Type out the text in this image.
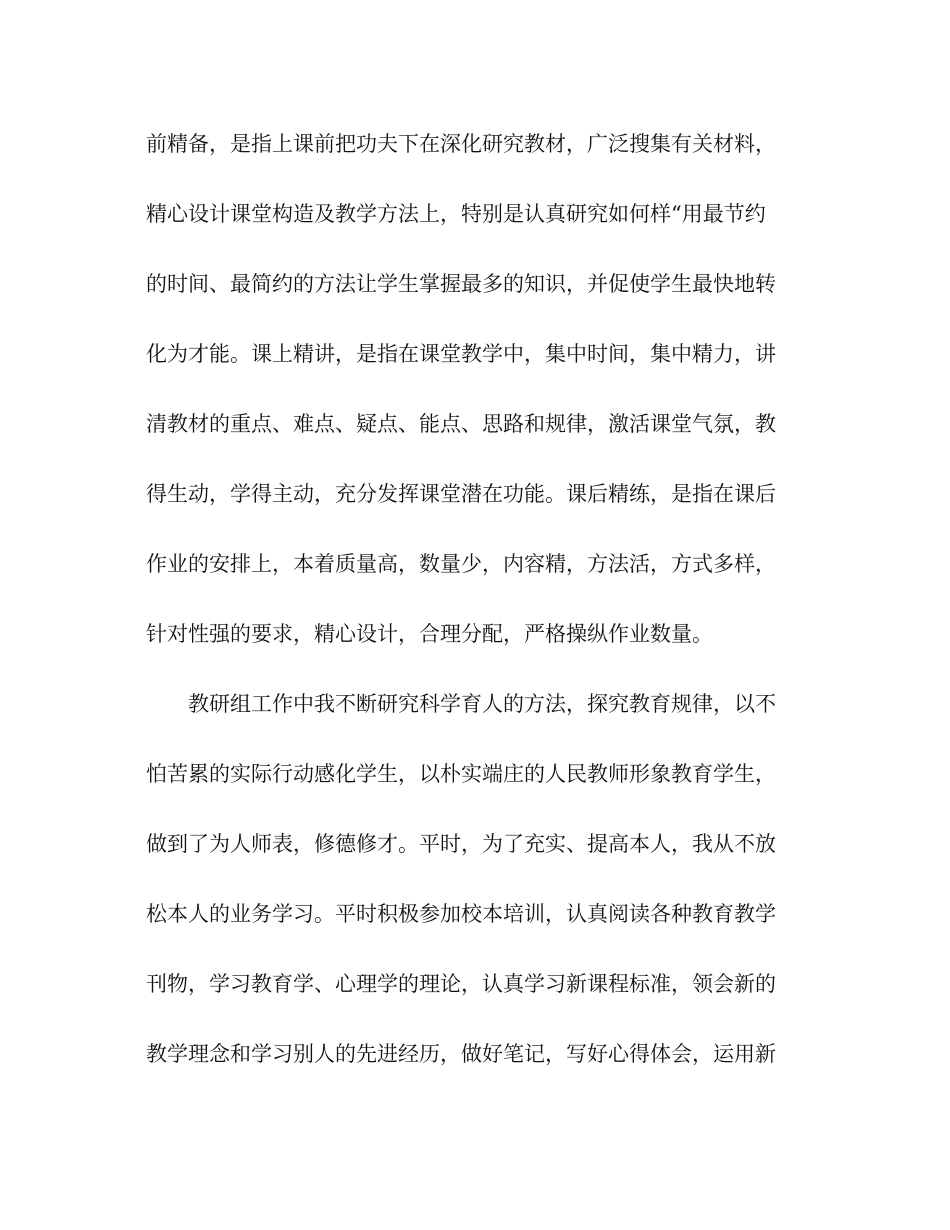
前精备，是指上课前把功夫下在深化研究教材，广泛搜集有关材料，
精心设计课堂构造及教学方法上，特别是认真研究如何样“用最节约
的时间、最简约的方法让学生掌握最多的知识，并促使学生最快地转
化为才能。课上精讲，是指在课堂教学中，集中时间，集中精力，讲
清教材的重点、难点、疑点、能点、思路和规律，激活课堂气氛，教
得生动，学得主动，充分发挥课堂潜在功能。课后精练，是指在课后
作业的安排上，本着质量高，数量少，内容精，方法活，方式多样，
针对性强的要求，精心设计，合理分配，严格操纵作业数量。
教研组工作中我不断研究科学育人的方法，探究教育规律，以不
怕苦累的实际行动感化学生，以朴实端庄的人民教师形象教育学生，
做到了为人师表，修德修才。平时，为了充实、提高本人，我从不放
松本人的业务学习。平时积极参加校本培训，认真阅读各种教育教学
刊物，学习教育学、心理学的理论，认真学习新课程标准，领会新的
教学理念和学习别人的先进经历，做好笔记，写好心得体会，运用新
